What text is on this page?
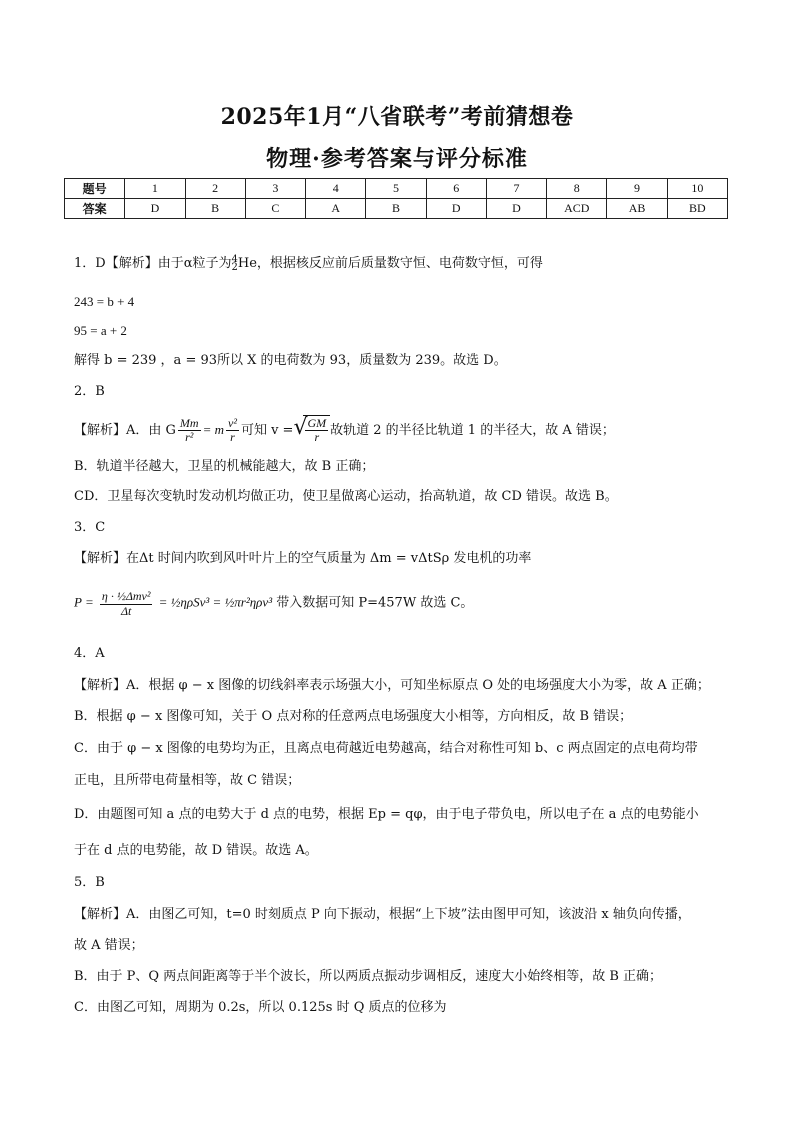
2025年1月“八省联考”考前猜想卷
物理·参考答案与评分标准
题号	1	2	3	4	5	6	7	8	9	10
答案	D	B	C	A	B	D	D	ACD	AB	BD
1．D【解析】由于α粒子为 4
2 He，根据核反应前后质量数守恒、电荷数守恒，可得
243 = b + 4
95 = a + 2
解得 b = 239 ，a = 93所以 X 的电荷数为 93，质量数为 239。故选 D。
2．B
【解析】A．由 G $\frac{Mm}{\text{r²}} = m \frac{\text{v²}}{r}$ 可知 v = √ $\frac{GM}{r}$ 故轨道 2 的半径比轨道 1 的半径大，故 A 错误；
B．轨道半径越大，卫星的机械能越大，故 B 正确；
CD．卫星每次变轨时发动机均做正功，使卫星做离心运动，抬高轨道，故 CD 错误。故选 B。
3．C
【解析】在Δt 时间内吹到风叶叶片上的空气质量为 Δm = vΔtSρ 发电机的功率
$P = \frac{\text{η · ½Δmv²}}{\Delta t}$ = ½ηρSv³ = ½πr²ηρv³ 带入数据可知 P=457W 故选 C。
4．A
【解析】A．根据 φ − x 图像的切线斜率表示场强大小，可知坐标原点 O 处的电场强度大小为零，故 A 正确；
B．根据 φ − x 图像可知，关于 O 点对称的任意两点电场强度大小相等，方向相反，故 B 错误；
C．由于 φ − x 图像的电势均为正，且离点电荷越近电势越高，结合对称性可知 b、c 两点固定的点电荷均带
正电，且所带电荷量相等，故 C 错误；
D．由题图可知 a 点的电势大于 d 点的电势，根据 Ep = qφ，由于电子带负电，所以电子在 a 点的电势能小
于在 d 点的电势能，故 D 错误。故选 A。
5．B
【解析】A．由图乙可知，t=0 时刻质点 P 向下振动，根据“上下坡”法由图甲可知，该波沿 x 轴负向传播，
故 A 错误；
B．由于 P、Q 两点间距离等于半个波长，所以两质点振动步调相反，速度大小始终相等，故 B 正确；
C．由图乙可知，周期为 0.2s，所以 0.125s 时 Q 质点的位移为
